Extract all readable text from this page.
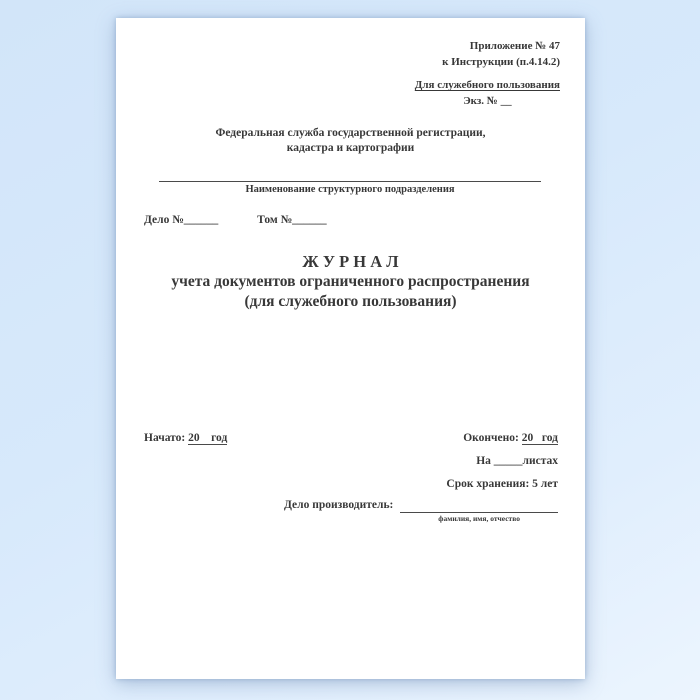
Приложение № 47
к Инструкции (п.4.14.2)
Для служебного пользования
Экз. № __
Федеральная служба государственной регистрации,
кадастра и картографии
Наименование структурного подразделения
Дело №______	Том №______
Ж У Р Н А Л
учета документов ограниченного распространения
(для служебного пользования)
Начато: 20    год	Окончено: 20   год
На _____листах
Срок хранения: 5 лет
Дело производитель:
фамилия, имя, отчество
